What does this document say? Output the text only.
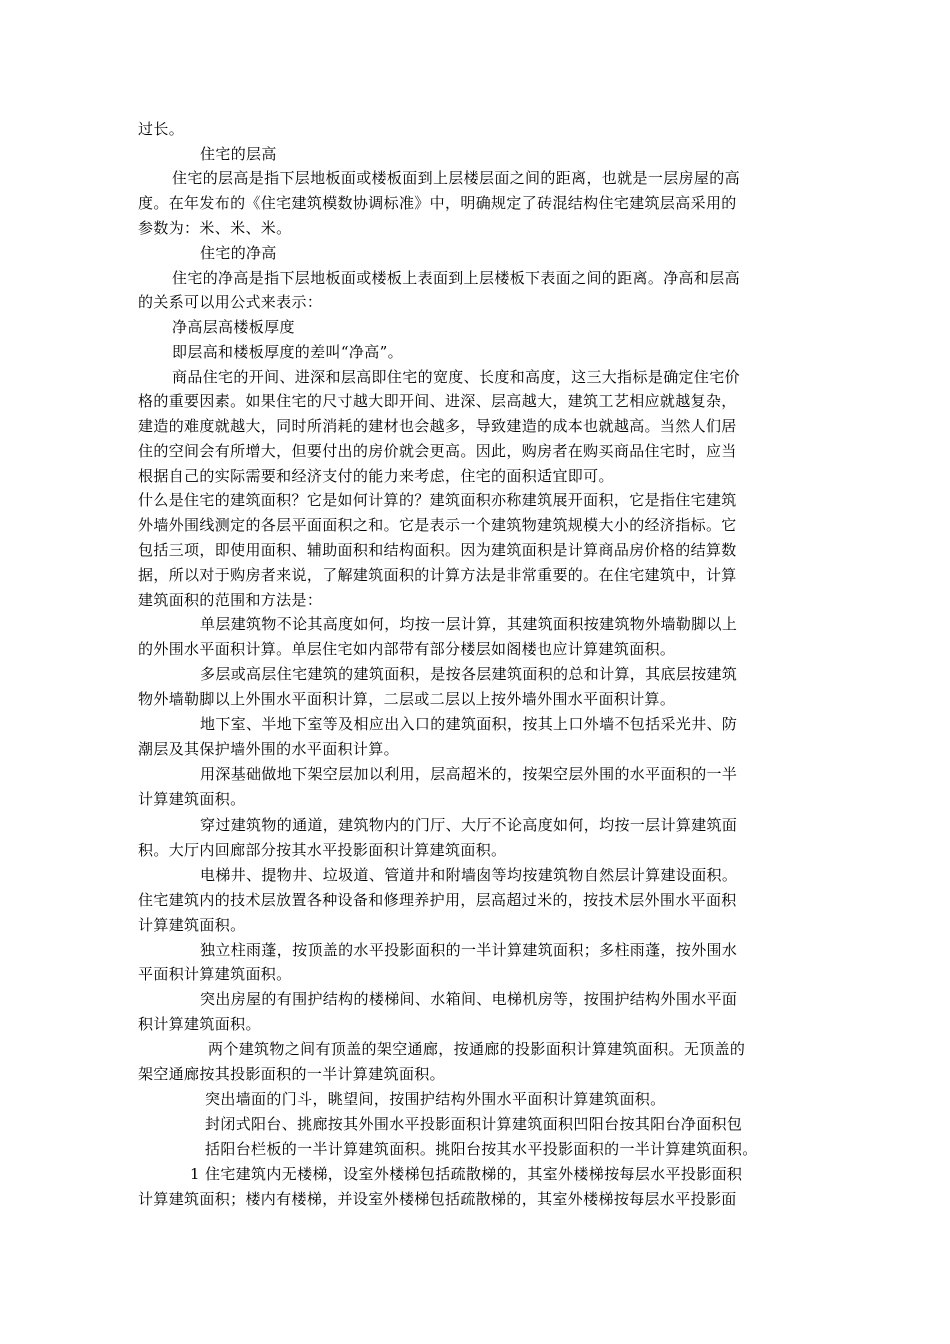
过长。
住宅的层高
住宅的层高是指下层地板面或楼板面到上层楼层面之间的距离，也就是一层房屋的高
度。在年发布的《住宅建筑模数协调标准》中，明确规定了砖混结构住宅建筑层高采用的
参数为：米、米、米。
住宅的净高
住宅的净高是指下层地板面或楼板上表面到上层楼板下表面之间的距离。净高和层高
的关系可以用公式来表示：
净高层高楼板厚度
即层高和楼板厚度的差叫“净高”。
商品住宅的开间、进深和层高即住宅的宽度、长度和高度，这三大指标是确定住宅价
格的重要因素。如果住宅的尺寸越大即开间、进深、层高越大，建筑工艺相应就越复杂，
建造的难度就越大，同时所消耗的建材也会越多，导致建造的成本也就越高。当然人们居
住的空间会有所增大，但要付出的房价就会更高。因此，购房者在购买商品住宅时，应当
根据自己的实际需要和经济支付的能力来考虑，住宅的面积适宜即可。
什么是住宅的建筑面积？它是如何计算的？建筑面积亦称建筑展开面积，它是指住宅建筑
外墙外围线测定的各层平面面积之和。它是表示一个建筑物建筑规模大小的经济指标。它
包括三项，即使用面积、辅助面积和结构面积。因为建筑面积是计算商品房价格的结算数
据，所以对于购房者来说，了解建筑面积的计算方法是非常重要的。在住宅建筑中，计算
建筑面积的范围和方法是：
单层建筑物不论其高度如何，均按一层计算，其建筑面积按建筑物外墙勒脚以上
的外围水平面积计算。单层住宅如内部带有部分楼层如阁楼也应计算建筑面积。
多层或高层住宅建筑的建筑面积，是按各层建筑面积的总和计算，其底层按建筑
物外墙勒脚以上外围水平面积计算，二层或二层以上按外墙外围水平面积计算。
地下室、半地下室等及相应出入口的建筑面积，按其上口外墙不包括采光井、防
潮层及其保护墙外围的水平面积计算。
用深基础做地下架空层加以利用，层高超米的，按架空层外围的水平面积的一半
计算建筑面积。
穿过建筑物的通道，建筑物内的门厅、大厅不论高度如何，均按一层计算建筑面
积。大厅内回廊部分按其水平投影面积计算建筑面积。
电梯井、提物井、垃圾道、管道井和附墙囱等均按建筑物自然层计算建设面积。
住宅建筑内的技术层放置各种设备和修理养护用，层高超过米的，按技术层外围水平面积
计算建筑面积。
独立柱雨蓬，按顶盖的水平投影面积的一半计算建筑面积；多柱雨蓬，按外围水
平面积计算建筑面积。
突出房屋的有围护结构的楼梯间、水箱间、电梯机房等，按围护结构外围水平面
积计算建筑面积。
两个建筑物之间有顶盖的架空通廊，按通廊的投影面积计算建筑面积。无顶盖的
架空通廊按其投影面积的一半计算建筑面积。
突出墙面的门斗，眺望间，按围护结构外围水平面积计算建筑面积。
封闭式阳台、挑廊按其外围水平投影面积计算建筑面积凹阳台按其阳台净面积包
括阳台栏板的一半计算建筑面积。挑阳台按其水平投影面积的一半计算建筑面积。
1 住宅建筑内无楼梯，设室外楼梯包括疏散梯的，其室外楼梯按每层水平投影面积
计算建筑面积；楼内有楼梯，并设室外楼梯包括疏散梯的，其室外楼梯按每层水平投影面
